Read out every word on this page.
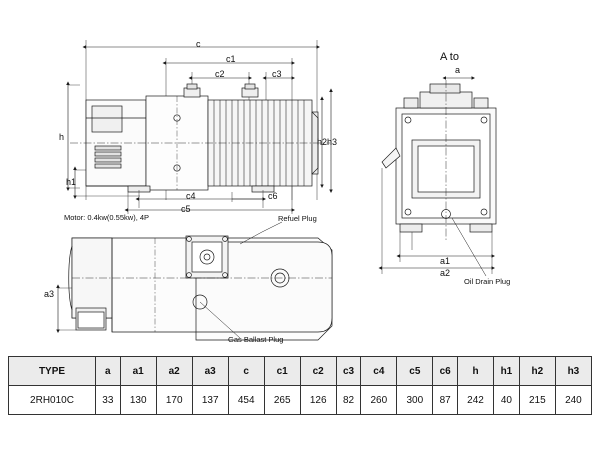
c
c1
c2	c3
c4
c5
c6
h
h1
h2 h3
a3
a
a1
a2
A to
Motor: 0.4kw(0.55kw), 4P	Refuel Plug
Gas Ballast Plug
Oil Drain Plug
TYPE	a	a1	a2	a3	c	c1	c2	c3	c4	c5	c6	h	h1	h2	h3
2RH010C	33	130	170	137	454	265	126	82	260	300	87	242	40	215	240
